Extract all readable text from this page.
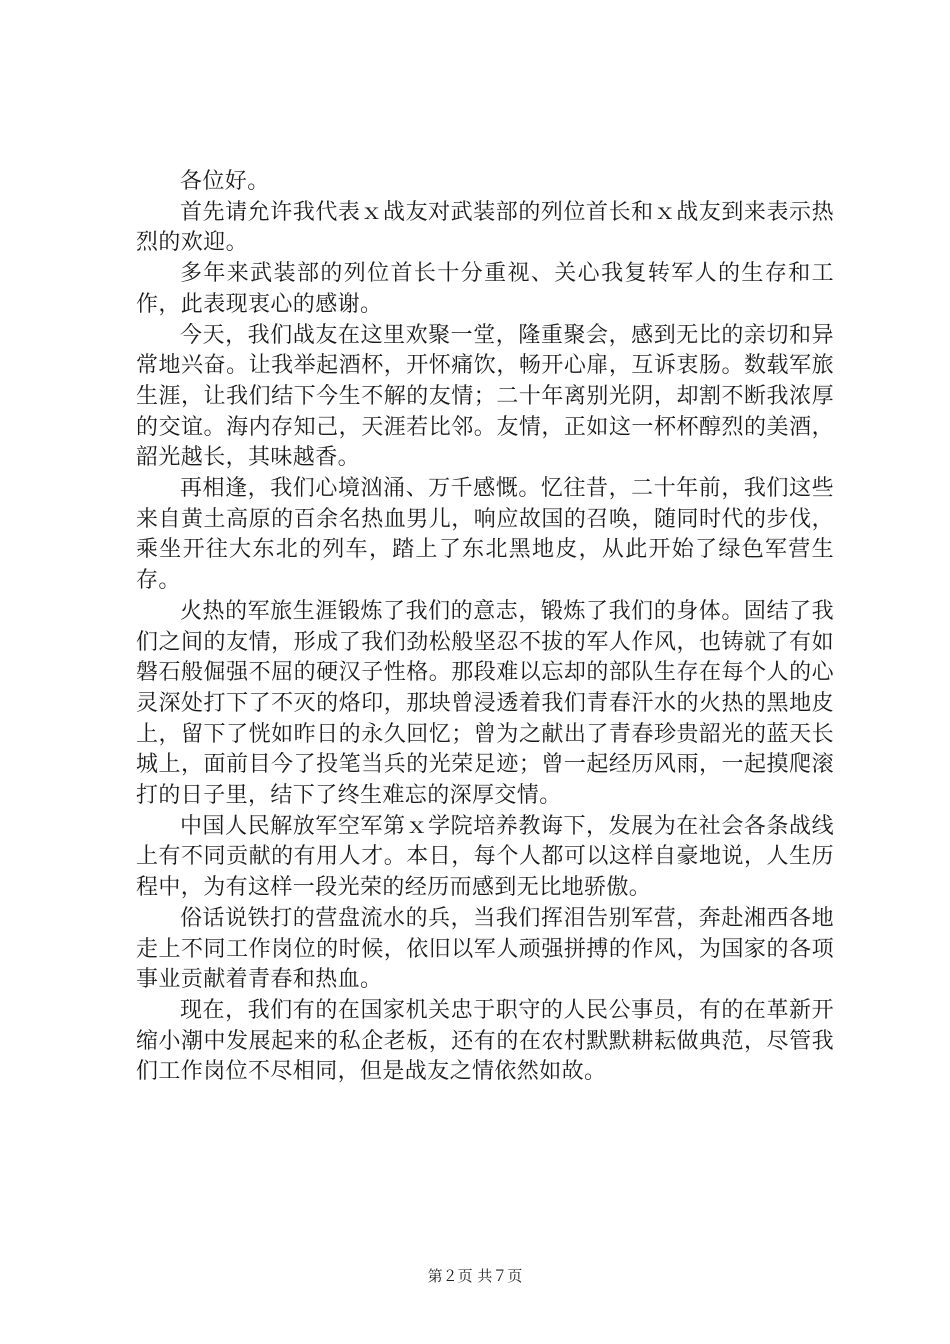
各位好。

首先请允许我代表ｘ战友对武装部的列位首长和ｘ战友到来表示热烈的欢迎。

多年来武装部的列位首长十分重视、关心我复转军人的生存和工作，此表现衷心的感谢。

今天，我们战友在这里欢聚一堂，隆重聚会，感到无比的亲切和异常地兴奋。让我举起酒杯，开怀痛饮，畅开心扉，互诉衷肠。数载军旅生涯，让我们结下今生不解的友情；二十年离别光阴，却割不断我浓厚的交谊。海内存知己，天涯若比邻。友情，正如这一杯杯醇烈的美酒，韶光越长，其味越香。

再相逢，我们心境汹涌、万千感慨。忆往昔，二十年前，我们这些来自黄土高原的百余名热血男儿，响应故国的召唤，随同时代的步伐，乘坐开往大东北的列车，踏上了东北黑地皮，从此开始了绿色军营生存。

火热的军旅生涯锻炼了我们的意志，锻炼了我们的身体。固结了我们之间的友情，形成了我们劲松般坚忍不拔的军人作风，也铸就了有如磐石般倔强不屈的硬汉子性格。那段难以忘却的部队生存在每个人的心灵深处打下了不灭的烙印，那块曾浸透着我们青春汗水的火热的黑地皮上，留下了恍如昨日的永久回忆；曾为之献出了青春珍贵韶光的蓝天长城上，面前目今了投笔当兵的光荣足迹；曾一起经历风雨，一起摸爬滚打的日子里，结下了终生难忘的深厚交情。

中国人民解放军空军第ｘ学院培养教诲下，发展为在社会各条战线上有不同贡献的有用人才。本日，每个人都可以这样自豪地说，人生历程中，为有这样一段光荣的经历而感到无比地骄傲。

俗话说铁打的营盘流水的兵，当我们挥泪告别军营，奔赴湘西各地走上不同工作岗位的时候，依旧以军人顽强拼搏的作风，为国家的各项事业贡献着青春和热血。

现在，我们有的在国家机关忠于职守的人民公事员，有的在革新开缩小潮中发展起来的私企老板，还有的在农村默默耕耘做典范，尽管我们工作岗位不尽相同，但是战友之情依然如故。

第２页 共７页
